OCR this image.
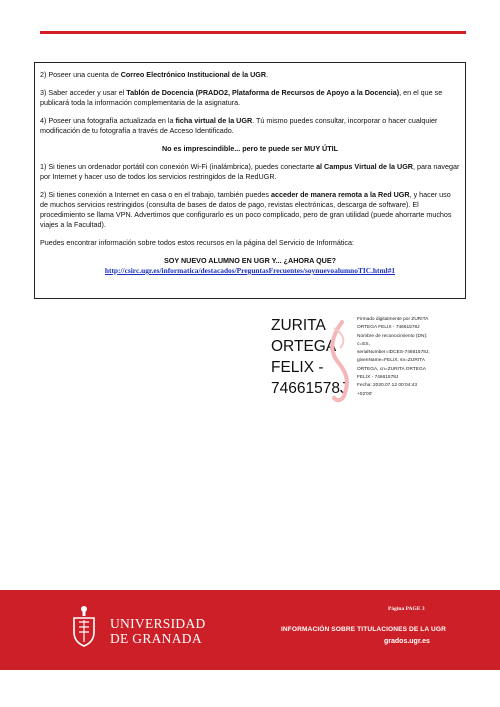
2) Poseer una cuenta de Correo Electrónico Institucional de la UGR.

3) Saber acceder y usar el Tablón de Docencia (PRADO2, Plataforma de Recursos de Apoyo a la Docencia), en el que se publicará toda la información complementaria de la asignatura.

4) Poseer una fotografía actualizada en la ficha virtual de la UGR. Tú mismo puedes consultar, incorporar o hacer cualquier modificación de tu fotografía a través de Acceso Identificado.

No es imprescindible... pero te puede ser MUY ÚTIL

1) Si tienes un ordenador portátil con conexión Wi-Fi (inalámbrica), puedes conectarte al Campus Virtual de la UGR, para navegar por Internet y hacer uso de todos los servicios restringidos de la RedUGR.

2) Si tienes conexión a Internet en casa o en el trabajo, también puedes acceder de manera remota a la Red UGR, y hacer uso de muchos servicios restringidos (consulta de bases de datos de pago, revistas electrónicas, descarga de software). El procedimiento se llama VPN. Advertimos que configurarlo es un poco complicado, pero de gran utilidad (puede ahorrarte muchos viajes a la Facultad).

Puedes encontrar información sobre todos estos recursos en la página del Servicio de Informática:

SOY NUEVO ALUMNO EN UGR Y... ¿AHORA QUE?
http://csirc.ugr.es/informatica/destacados/PreguntasFrecuentes/soynuevoalumnoTIC.html#1

ZURITA
ORTEGA
FELIX -
74661578J
Firmado digitalmente por ZURITA
ORTEGA FELIX - 74661578J
Nombre de reconocimiento (DN):
c=ES,
serialNumber=IDCES-74661578J,
givenName=FELIX, sn=ZURITA
ORTEGA, cn=ZURITA ORTEGA
FELIX - 74661578J
Fecha: 2020.07.12 00:04:43
+02'00'
UNIVERSIDAD
DE GRANADA
Página PAGE 3
INFORMACIÓN SOBRE TITULACIONES DE LA UGR
grados.ugr.es
